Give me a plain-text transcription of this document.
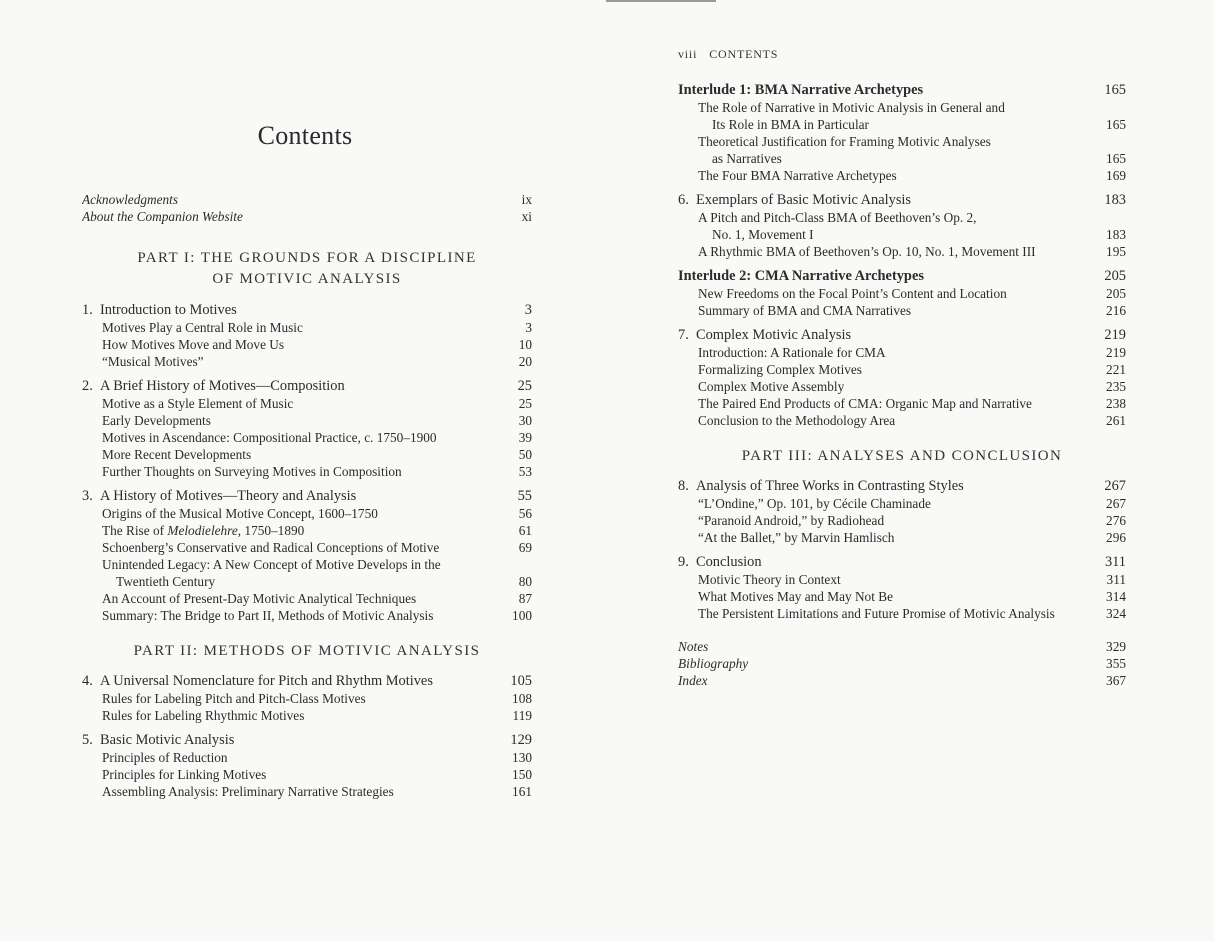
Contents
Acknowledgments	ix
About the Companion Website	xi
PART I: THE GROUNDS FOR A DISCIPLINE
OF MOTIVIC ANALYSIS
1. Introduction to Motives	3
Motives Play a Central Role in Music	3
How Motives Move and Move Us	10
“Musical Motives”	20
2. A Brief History of Motives—Composition	25
Motive as a Style Element of Music	25
Early Developments	30
Motives in Ascendance: Compositional Practice, c. 1750–1900	39
More Recent Developments	50
Further Thoughts on Surveying Motives in Composition	53
3. A History of Motives—Theory and Analysis	55
Origins of the Musical Motive Concept, 1600–1750	56
The Rise of Melodielehre, 1750–1890	61
Schoenberg’s Conservative and Radical Conceptions of Motive	69
Unintended Legacy: A New Concept of Motive Develops in the
Twentieth Century	80
An Account of Present-Day Motivic Analytical Techniques	87
Summary: The Bridge to Part II, Methods of Motivic Analysis	100
PART II: METHODS OF MOTIVIC ANALYSIS
4. A Universal Nomenclature for Pitch and Rhythm Motives	105
Rules for Labeling Pitch and Pitch-Class Motives	108
Rules for Labeling Rhythmic Motives	119
5. Basic Motivic Analysis	129
Principles of Reduction	130
Principles for Linking Motives	150
Assembling Analysis: Preliminary Narrative Strategies	161
viii CONTENTS
Interlude 1: BMA Narrative Archetypes	165
The Role of Narrative in Motivic Analysis in General and
Its Role in BMA in Particular	165
Theoretical Justification for Framing Motivic Analyses
as Narratives	165
The Four BMA Narrative Archetypes	169
6. Exemplars of Basic Motivic Analysis	183
A Pitch and Pitch-Class BMA of Beethoven’s Op. 2,
No. 1, Movement I	183
A Rhythmic BMA of Beethoven’s Op. 10, No. 1, Movement III	195
Interlude 2: CMA Narrative Archetypes	205
New Freedoms on the Focal Point’s Content and Location	205
Summary of BMA and CMA Narratives	216
7. Complex Motivic Analysis	219
Introduction: A Rationale for CMA	219
Formalizing Complex Motives	221
Complex Motive Assembly	235
The Paired End Products of CMA: Organic Map and Narrative	238
Conclusion to the Methodology Area	261
PART III: ANALYSES AND CONCLUSION
8. Analysis of Three Works in Contrasting Styles	267
“L’Ondine,” Op. 101, by Cécile Chaminade	267
“Paranoid Android,” by Radiohead	276
“At the Ballet,” by Marvin Hamlisch	296
9. Conclusion	311
Motivic Theory in Context	311
What Motives May and May Not Be	314
The Persistent Limitations and Future Promise of Motivic Analysis	324
Notes	329
Bibliography	355
Index	367
